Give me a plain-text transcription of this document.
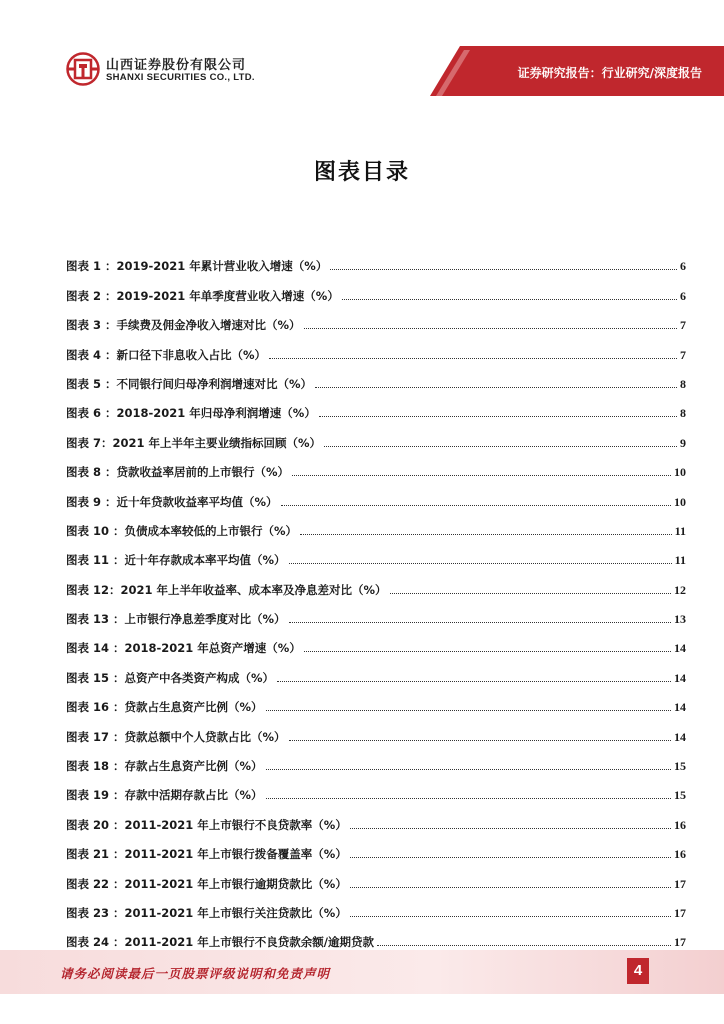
山西证券股份有限公司
SHANXI SECURITIES CO., LTD.	证券研究报告：行业研究/深度报告
图表目录
图表 1 ：2019-2021 年累计营业收入增速（%）	6
图表 2 ：2019-2021 年单季度营业收入增速（%）	6
图表 3 ：手续费及佣金净收入增速对比（%）	7
图表 4 ：新口径下非息收入占比（%）	7
图表 5 ：不同银行间归母净利润增速对比（%）	8
图表 6 ：2018-2021 年归母净利润增速（%）	8
图表 7：2021 年上半年主要业绩指标回顾（%）	9
图表 8 ：贷款收益率居前的上市银行（%）	10
图表 9 ：近十年贷款收益率平均值（%）	10
图表 10 ：负债成本率较低的上市银行（%）	11
图表 11 ：近十年存款成本率平均值（%）	11
图表 12：2021 年上半年收益率、成本率及净息差对比（%）	12
图表 13 ：上市银行净息差季度对比（%）	13
图表 14 ：2018-2021 年总资产增速（%）	14
图表 15 ：总资产中各类资产构成（%）	14
图表 16 ：贷款占生息资产比例（%）	14
图表 17 ：贷款总额中个人贷款占比（%）	14
图表 18 ：存款占生息资产比例（%）	15
图表 19 ：存款中活期存款占比（%）	15
图表 20 ：2011-2021 年上市银行不良贷款率（%）	16
图表 21 ：2011-2021 年上市银行拨备覆盖率（%）	16
图表 22 ：2011-2021 年上市银行逾期贷款比（%）	17
图表 23 ：2011-2021 年上市银行关注贷款比（%）	17
图表 24 ：2011-2021 年上市银行不良贷款余额/逾期贷款	17
请务必阅读最后一页股票评级说明和免责声明	4
